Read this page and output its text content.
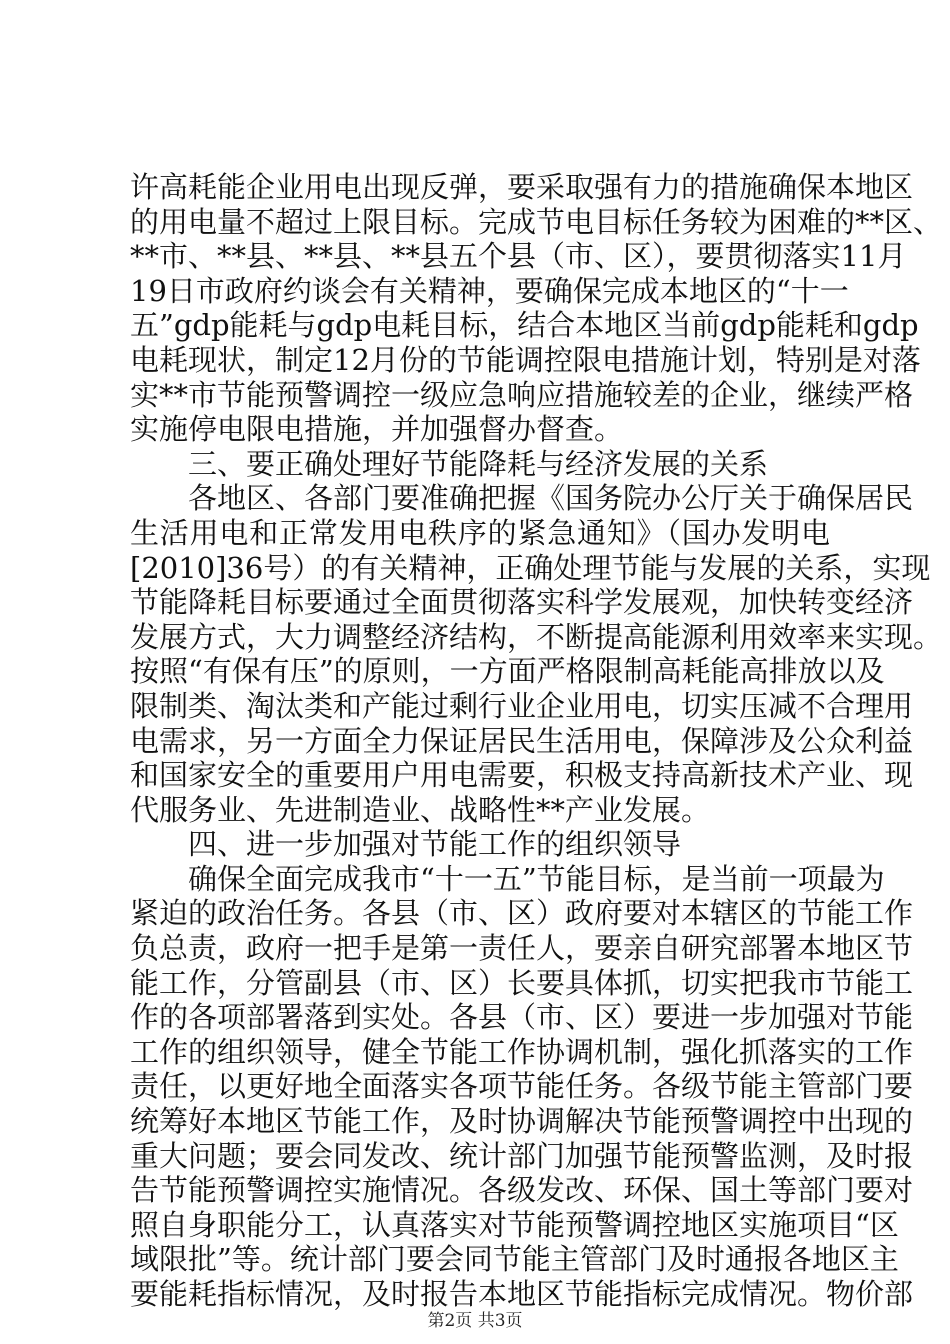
许高耗能企业用电出现反弹，要采取强有力的措施确保本地区
的用电量不超过上限目标。完成节电目标任务较为困难的**区、
**市、**县、**县、**县五个县（市、区），要贯彻落实11月
19日市政府约谈会有关精神，要确保完成本地区的“十一
五”gdp能耗与gdp电耗目标，结合本地区当前gdp能耗和gdp
电耗现状，制定12月份的节能调控限电措施计划，特别是对落
实**市节能预警调控一级应急响应措施较差的企业，继续严格
实施停电限电措施，并加强督办督查。
三、要正确处理好节能降耗与经济发展的关系
各地区、各部门要准确把握《国务院办公厅关于确保居民
生活用电和正常发用电秩序的紧急通知》（国办发明电
[2010]36号）的有关精神，正确处理节能与发展的关系，实现
节能降耗目标要通过全面贯彻落实科学发展观，加快转变经济
发展方式，大力调整经济结构，不断提高能源利用效率来实现。
按照“有保有压”的原则，一方面严格限制高耗能高排放以及
限制类、淘汰类和产能过剩行业企业用电，切实压减不合理用
电需求，另一方面全力保证居民生活用电，保障涉及公众利益
和国家安全的重要用户用电需要，积极支持高新技术产业、现
代服务业、先进制造业、战略性**产业发展。
四、进一步加强对节能工作的组织领导
确保全面完成我市“十一五”节能目标，是当前一项最为
紧迫的政治任务。各县（市、区）政府要对本辖区的节能工作
负总责，政府一把手是第一责任人，要亲自研究部署本地区节
能工作，分管副县（市、区）长要具体抓，切实把我市节能工
作的各项部署落到实处。各县（市、区）要进一步加强对节能
工作的组织领导，健全节能工作协调机制，强化抓落实的工作
责任，以更好地全面落实各项节能任务。各级节能主管部门要
统筹好本地区节能工作，及时协调解决节能预警调控中出现的
重大问题；要会同发改、统计部门加强节能预警监测，及时报
告节能预警调控实施情况。各级发改、环保、国土等部门要对
照自身职能分工，认真落实对节能预警调控地区实施项目“区
域限批”等。统计部门要会同节能主管部门及时通报各地区主
要能耗指标情况，及时报告本地区节能指标完成情况。物价部
第2页 共3页
